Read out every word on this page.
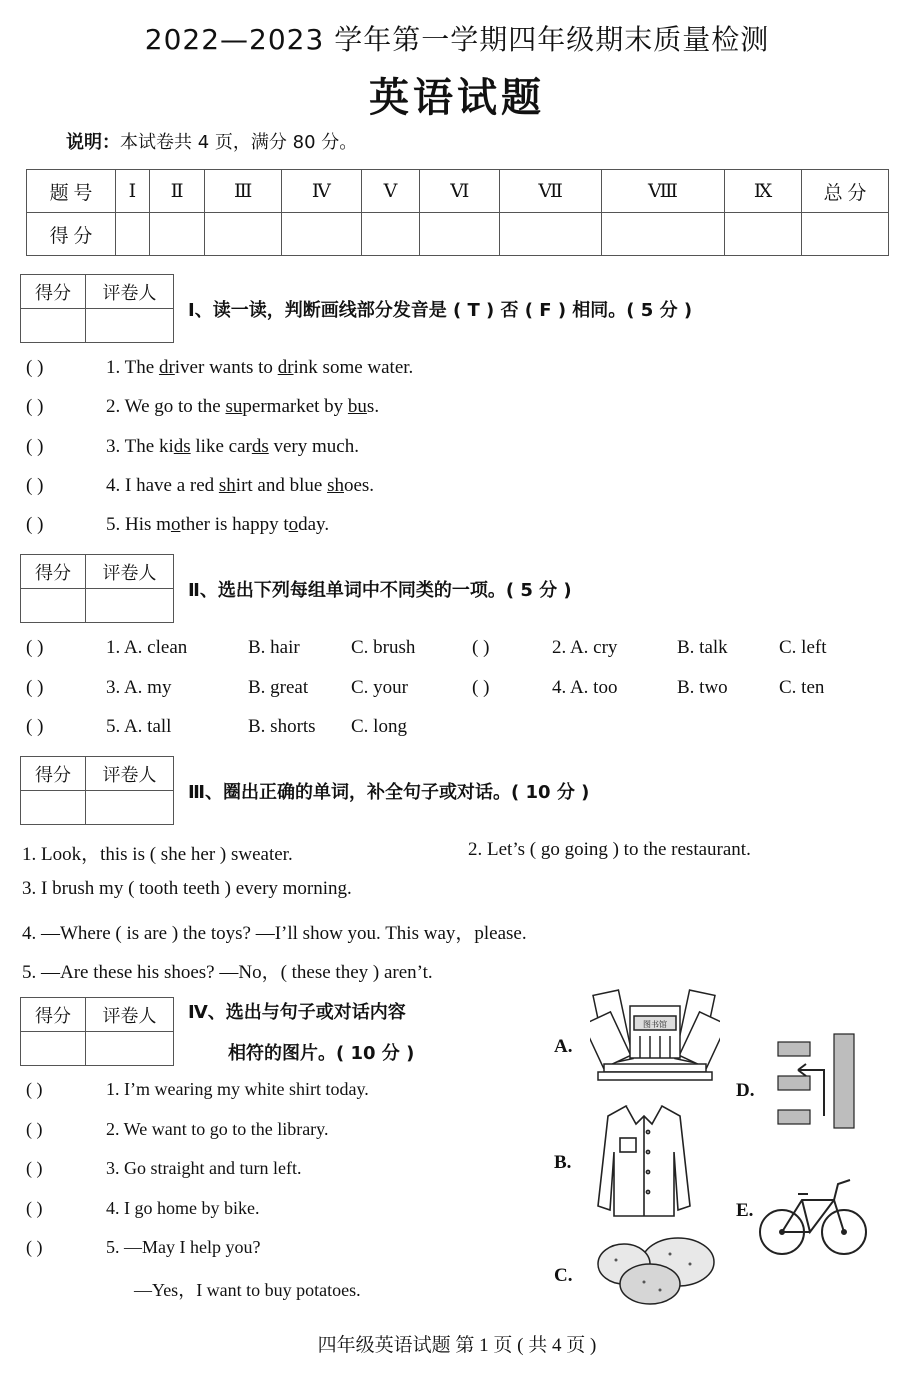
2022—2023 学年第一学期四年级期末质量检测
英语试题
说明：本试卷共 4 页，满分 80 分。
题 号	Ⅰ	Ⅱ	Ⅲ	Ⅳ	Ⅴ	Ⅵ	Ⅶ	Ⅷ	Ⅸ	总 分
得 分										
得分	评卷人

Ⅰ、读一读，判断画线部分发音是 ( T ) 否 ( F ) 相同。( 5 分 )
( )	1. The driver wants to drink some water.
( )	2. We go to the supermarket by bus.
( )	3. The kids like cards very much.
( )	4. I have a red shirt and blue shoes.
( )	5. His mother is happy today.
得分	评卷人

Ⅱ、选出下列每组单词中不同类的一项。( 5 分 )
( )	1. A. clean	B. hair	C. brush	( )	2. A. cry	B. talk	C. left
( )	3. A. my	B. great C. your	( )	4. A. too	B. two	C. ten
( )	5. A. tall	B. shorts C. long
得分	评卷人

Ⅲ、圈出正确的单词，补全句子或对话。( 10 分 )
1. Look，this is ( she her ) sweater.	2. Let’s ( go going ) to the restaurant.
3. I brush my ( tooth teeth ) every morning.
4. —Where ( is are ) the toys? —I’ll show you. This way，please.
5. —Are these his shoes? —No，( these they ) aren’t.
得分	评卷人
	Ⅳ、选出与句子或对话内容
相符的图片。( 10 分 )
( )	1. I’m wearing my white shirt today.
( )	2. We want to go to the library.
( )	3. Go straight and turn left.
( )	4. I go home by bike.
( )	5. —May I help you?
—Yes，I want to buy potatoes.
A.
B.
C.
D.
E.
图书馆
四年级英语试题 第 1 页 ( 共 4 页 )
